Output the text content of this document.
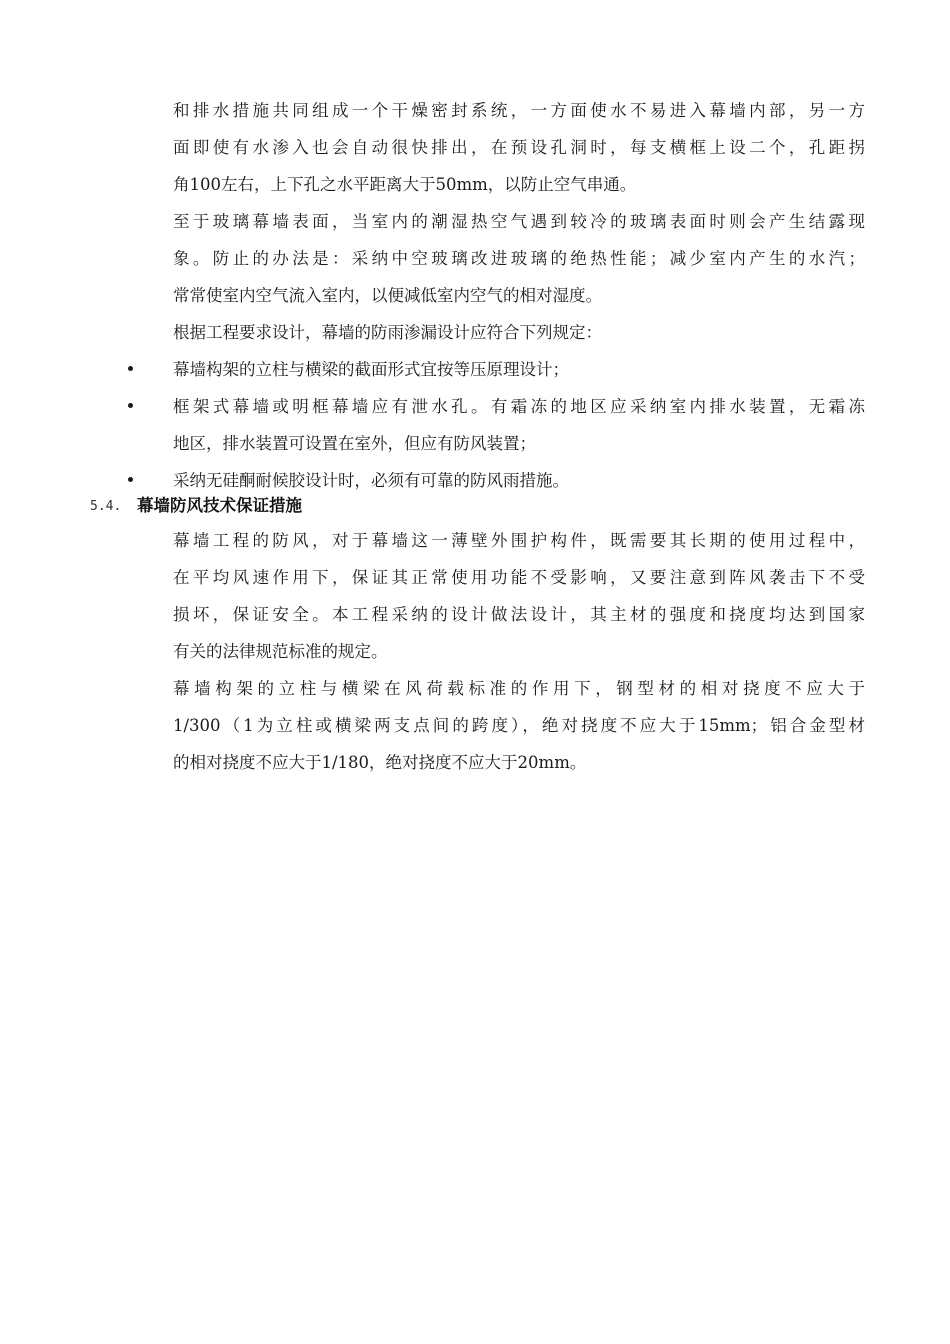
和排水措施共同组成一个干燥密封系统，一方面使水不易进入幕墙内部，另一方
面即使有水渗入也会自动很快排出，在预设孔洞时，每支横框上设二个，孔距拐
角100左右，上下孔之水平距离大于50mm，以防止空气串通。
至于玻璃幕墙表面，当室内的潮湿热空气遇到较冷的玻璃表面时则会产生结露现
象。防止的办法是：采纳中空玻璃改进玻璃的绝热性能；减少室内产生的水汽；
常常使室内空气流入室内，以便减低室内空气的相对湿度。
根据工程要求设计，幕墙的防雨渗漏设计应符合下列规定：
幕墙构架的立柱与横梁的截面形式宜按等压原理设计；
框架式幕墙或明框幕墙应有泄水孔。有霜冻的地区应采纳室内排水装置，无霜冻
地区，排水装置可设置在室外，但应有防风装置；
采纳无硅酮耐候胶设计时，必须有可靠的防风雨措施。
5.4. 幕墙防风技术保证措施
幕墙工程的防风，对于幕墙这一薄壁外围护构件，既需要其长期的使用过程中，
在平均风速作用下，保证其正常使用功能不受影响，又要注意到阵风袭击下不受
损坏，保证安全。本工程采纳的设计做法设计，其主材的强度和挠度均达到国家
有关的法律规范标准的规定。
幕墙构架的立柱与横梁在风荷载标准的作用下，钢型材的相对挠度不应大于
1/300（1为立柱或横梁两支点间的跨度），绝对挠度不应大于15mm；铝合金型材
的相对挠度不应大于1/180，绝对挠度不应大于20mm。
